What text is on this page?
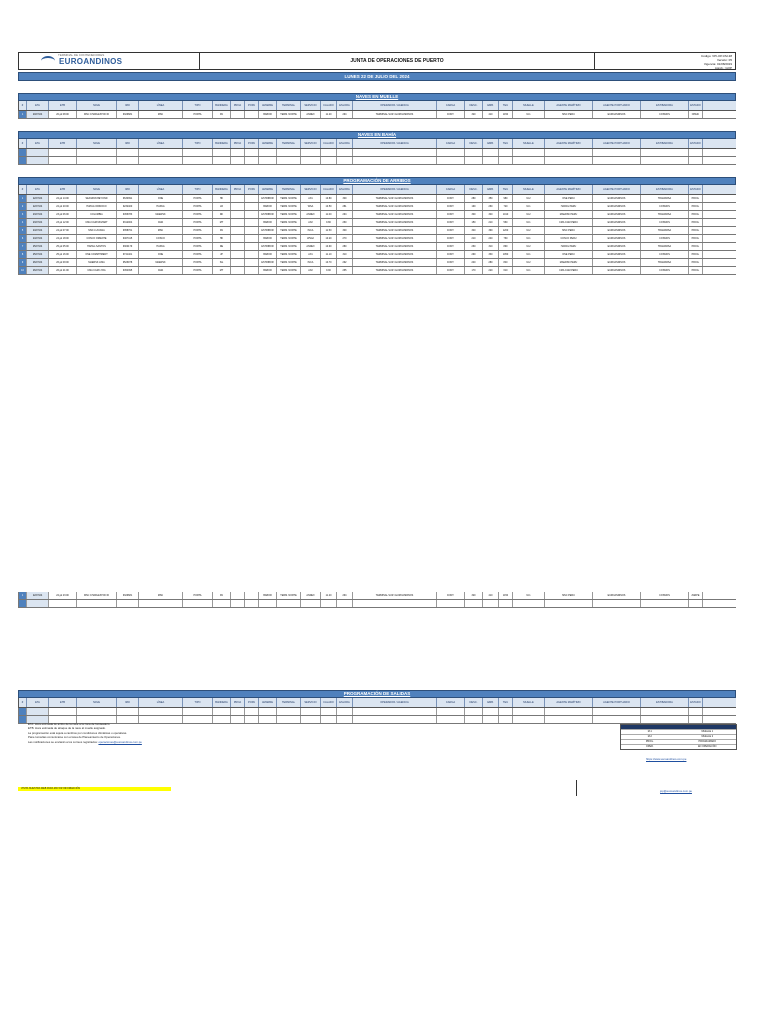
TERMINAL DE CONTENEDORES
EUROANDINOS	JUNTA DE OPERACIONES DE PUERTO
Código: VPI-OP-FM-38
Versión: 05
Vigencia: 01/08/2019
Aprob.: GOP
LUNES 22 DE JULIO DEL 2024
NAVES EN MUELLE
#	ETA	ETB	NAVE	IMO	LÍNEA	TIPO	BANDERA	PROA	POPA	AMARRE	TERMINAL	SERVICIO	CALADO	ESLORA	OPERADOR / AGENCIA	CARGA	DESC.	EMB.	TEU	MUELLE	AGENTE MARÍTIMO	AGENTE PORTUARIO	ESTIBADORA	ESTADO
1	20/07/24	20-jul 08:00	MSC CHARLESTON III	9329681	MSC	PORTA	PA	BABOR	TERM. NORTE	ANDEX	11.20	294	TERMINAL SUR / EUROANDINOS	CONT.	320	410	1150	M-1	MSC PERU	EUROANDINOS	COSMOS	OPER.
NAVES EN BAHÍA
#	ETA	ETB	NAVE	IMO	LÍNEA	TIPO	BANDERA	PROA	POPA	AMARRE	TERMINAL	SERVICIO	CALADO	ESLORA	OPERADOR / AGENCIA	CARGA	DESC.	EMB.	TEU	MUELLE	AGENTE MARÍTIMO	AGENTE PORTUARIO	ESTIBADORA	ESTADO
PROGRAMACIÓN DE ARRIBOS
#	ETA	ETB	NAVE	IMO	LÍNEA	TIPO	BANDERA	PROA	POPA	AMARRE	TERMINAL	SERVICIO	CALADO	ESLORA	OPERADOR / AGENCIA	CARGA	DESC.	EMB.	TEU	MUELLE	AGENTE MARÍTIMO	AGENTE PORTUARIO	ESTIBADORA	ESTADO
1	22/07/24	22-jul 14:00	SEASPAN BEYOND	9630391	ONE	PORTA	HK	ESTRIBOR	TERM. NORTE	AX1	10.80	300	TERMINAL SUR / EUROANDINOS	CONT.	280	350	980	M-2	ONE PERU	EUROANDINOS	TRAMARSA	PROG.
2	22/07/24	22-jul 20:00	HAPAG ORINOCO	9232400	HAPAG	PORTA	LR	BABOR	TERM. NORTE	WSA	10.50	281	TERMINAL SUR / EUROANDINOS	CONT.	190	260	720	M-1	HAPAG PERU	EUROANDINOS	COSMOS	PROG.
3	23/07/24	23-jul 06:00	COLUMBIA	9456783	MAERSK	PORTA	DK	ESTRIBOR	TERM. NORTE	ANDEX	11.00	294	TERMINAL SUR / EUROANDINOS	CONT.	300	340	1010	M-2	MAERSK PERU	EUROANDINOS	TRAMARSA	PROG.
4	23/07/24	23-jul 12:00	CMA CGM MOZART	9312004	CMA	PORTA	MT	BABOR	TERM. NORTE	AX2	9.80	260	TERMINAL SUR / EUROANDINOS	CONT.	150	210	560	M-1	CMA CGM PERU	EUROANDINOS	COSMOS	PROG.
5	24/07/24	24-jul 07:00	MSC LUCIANA	9358761	MSC	PORTA	PA	ESTRIBOR	TERM. NORTE	INCA	11.50	300	TERMINAL SUR / EUROANDINOS	CONT.	340	390	1200	M-2	MSC PERU	EUROANDINOS	TRAMARSA	PROG.
6	24/07/24	24-jul 18:00	COSCO ORIENTE	9467415	COSCO	PORTA	HK	BABOR	TERM. NORTE	WSA2	10.20	270	TERMINAL SUR / EUROANDINOS	CONT.	210	240	760	M-1	COSCO PERU	EUROANDINOS	COSMOS	PROG.
7	25/07/24	25-jul 05:00	HAPAG SANTOS	9300179	HAPAG	PORTA	DE	ESTRIBOR	TERM. NORTE	ANDEX	10.90	280	TERMINAL SUR / EUROANDINOS	CONT.	260	310	890	M-2	HAPAG PERU	EUROANDINOS	TRAMARSA	PROG.
8	25/07/24	25-jul 16:00	ONE COMMITMENT	9741401	ONE	PORTA	JP	BABOR	TERM. NORTE	AX1	11.10	310	TERMINAL SUR / EUROANDINOS	CONT.	290	330	1050	M-1	ONE PERU	EUROANDINOS	COSMOS	PROG.
9	26/07/24	26-jul 09:00	MAERSK LIMA	9526978	MAERSK	PORTA	SG	ESTRIBOR	TERM. NORTE	INCA	10.70	292	TERMINAL SUR / EUROANDINOS	CONT.	240	280	840	M-2	MAERSK PERU	EUROANDINOS	TRAMARSA	PROG.
10	26/07/24	26-jul 21:00	CMA CGM LYRA	9454395	CMA	PORTA	MT	BABOR	TERM. NORTE	AX2	9.90	265	TERMINAL SUR / EUROANDINOS	CONT.	170	220	610	M-1	CMA CGM PERU	EUROANDINOS	COSMOS	PROG.
1	22/07/24	22-jul 23:00	MSC CHARLESTON III	9329681	MSC	PORTA	PA	BABOR	TERM. NORTE	ANDEX	11.20	294	TERMINAL SUR / EUROANDINOS	CONT.	320	410	1150	M-1	MSC PERU	EUROANDINOS	COSMOS	ZARPE
PROGRAMACIÓN DE SALIDAS
#	ETA	ETB	NAVE	IMO	LÍNEA	TIPO	BANDERA	PROA	POPA	AMARRE	TERMINAL	SERVICIO	CALADO	ESLORA	OPERADOR / AGENCIA	CARGA	DESC.	EMB.	TEU	MUELLE	AGENTE MARÍTIMO	AGENTE PORTUARIO	ESTIBADORA	ESTADO
ETA: Hora estimada de arribo de la nave a la zona de fondeadero.
ETB: Hora estimada de atraque de la nave al muelle asignado.
La programación está sujeta a cambios por condiciones climáticas u operativas.
Para consultas comunicarse con el área de Planeamiento de Operaciones.
Las notificaciones se enviarán a los correos registrados: operaciones@euroandinos.com.pe
VISITA NUESTRA WEB PARA MAYOR INFORMACIÓN
M-1	MUELLE 1
M-2	MUELLE 2
PROG.	PROGRAMADO
OPER.	EN OPERACIÓN
https://www.euroandinos.com.pe
jop@euroandinos.com.pe
